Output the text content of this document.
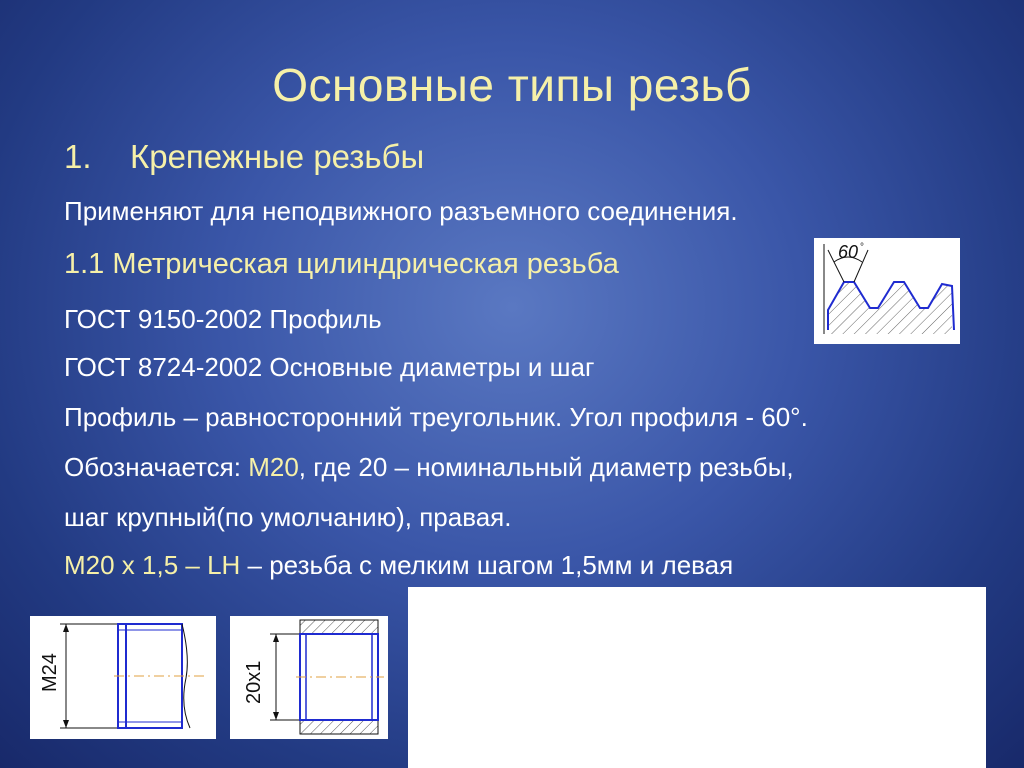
Основные типы резьб
1. Крепежные резьбы
Применяют для неподвижного разъемного соединения.
1.1 Метрическая цилиндрическая резьба
ГОСТ 9150-2002 Профиль
ГОСТ 8724-2002 Основные диаметры и шаг
Профиль – равносторонний треугольник. Угол профиля - 60°.
Обозначается: М20, где 20 – номинальный диаметр резьбы,
шаг крупный(по умолчанию), правая.
М20 х 1,5 – LH – резьба с мелким шагом 1,5мм и левая
60 °
M24	20x1
